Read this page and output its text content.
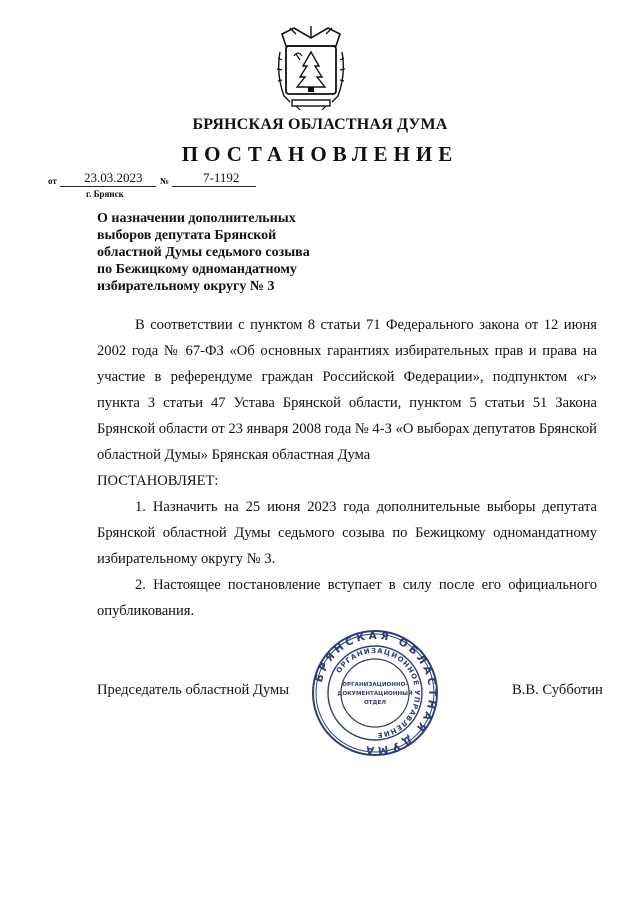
БРЯНСКАЯ ОБЛАСТНАЯ ДУМА
ПОСТАНОВЛЕНИЕ
от 23.03.2023 №	7-1192
г. Брянск
О назначении дополнительных
выборов депутата Брянской
областной Думы седьмого созыва
по Бежицкому одномандатному
избирательному округу № 3

В соответствии с пунктом 8 статьи 71 Федерального закона от 12 июня 2002 года № 67-ФЗ «Об основных гарантиях избирательных прав и права на участие в референдуме граждан Российской Федерации», подпунктом «г» пункта 3 статьи 47 Устава Брянской области, пунктом 5 статьи 51 Закона Брянской области от 23 января 2008 года № 4-З «О выборах депутатов Брянской областной Думы» Брянская областная Дума

ПОСТАНОВЛЯЕТ:

1. Назначить на 25 июня 2023 года дополнительные выборы депутата Брянской областной Думы седьмого созыва по Бежицкому одномандатному избирательному округу № 3.

2. Настоящее постановление вступает в силу после его официального опубликования.

Председатель областной Думы	В.В. Субботин
БРЯНСКАЯ ОБЛАСТНАЯ ДУМА
ОРГАНИЗАЦИОННОЕ УПРАВЛЕНИЕ
ОРГАНИЗАЦИОННО-
ДОКУМЕНТАЦИОННЫЙ
ОТДЕЛ
